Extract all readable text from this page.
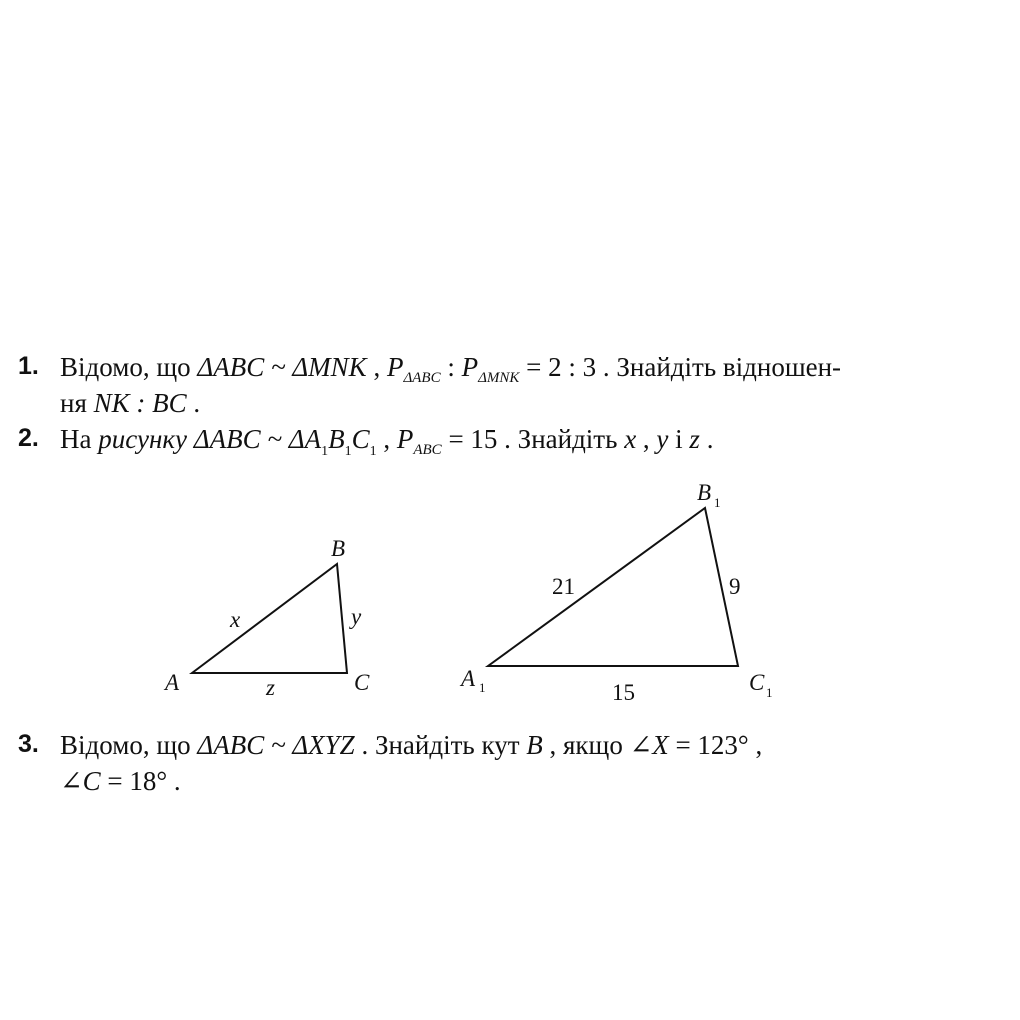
1. Відомо, що ΔABC ~ ΔMNK , $P_{\Delta ABC}$ : $P_{\Delta MNK} = 2$ : 3 . Знайдіть відношен-
ня NK : BC .
2. На рисунку ΔABC ~ $\Delta A_1B_1C_1$ , $P_{ABC} = 15$ . Знайдіть x , y і z .
A
B
C
x	y
z	A 1
B 1
C 1
21	9
15
3. Відомо, що ΔABC ~ ΔXYZ . Знайдіть кут B , якщо ∠X = 123° ,
∠C = 18° .
